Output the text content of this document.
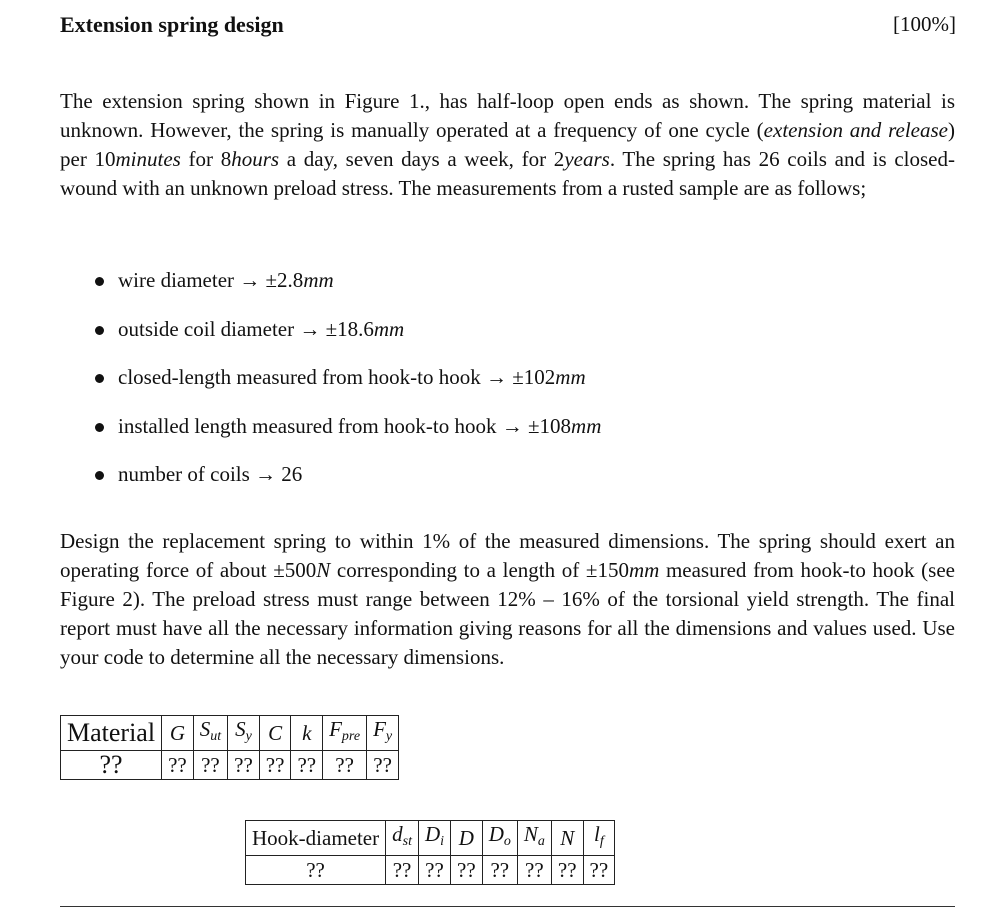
Extension spring design	[100%]
The extension spring shown in Figure 1., has half-loop open ends as shown. The spring material is unknown. However, the spring is manually operated at a frequency of one cycle (extension and release) per 10minutes for 8hours a day, seven days a week, for 2years. The spring has 26 coils and is closed- wound with an unknown preload stress. The measurements from a rusted sample are as follows;
wire diameter → ±2.8mm
outside coil diameter → ±18.6mm
closed-length measured from hook-to hook → ±102mm
installed length measured from hook-to hook → ±108mm
number of coils → 26
Design the replacement spring to within 1% of the measured dimensions. The spring should exert an operating force of about ±500N corresponding to a length of ±150mm measured from hook-to hook (see Figure 2). The preload stress must range between 12% – 16% of the torsional yield strength. The final report must have all the necessary information giving reasons for all the dimensions and values used. Use your code to determine all the necessary dimensions.
Material	G	$S_{ut}$	$S_y$	C	k	$F_{pre}$	$F_y$
??	??	??	??	??	??	??	??
Hook-diameter	$d_{st}$	$D_i$	D	$D_o$	$N_a$	N	$l_f$
??	??	??	??	??	??	??	??
